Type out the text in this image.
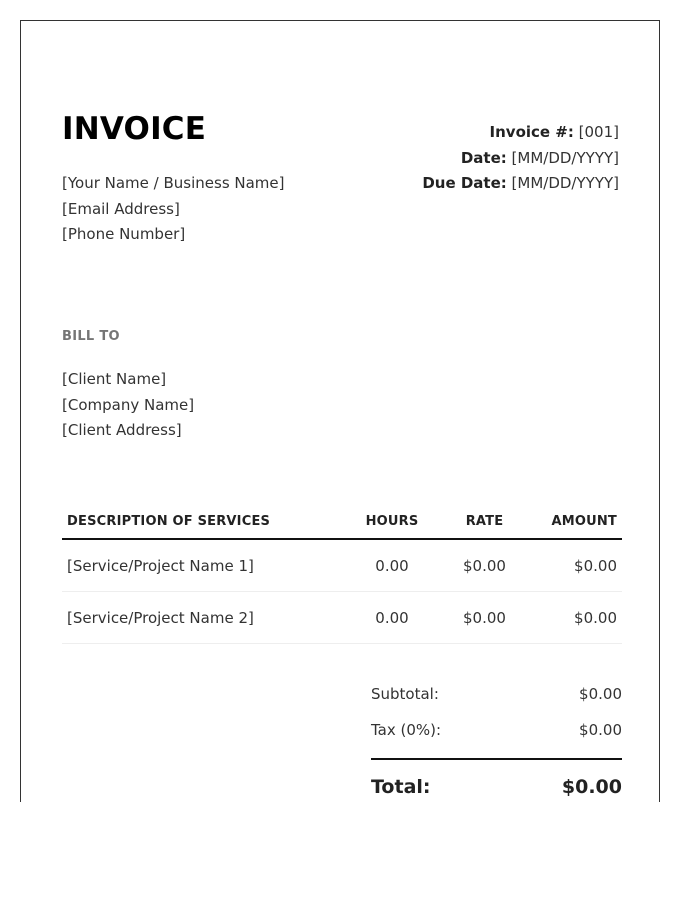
INVOICE
[Your Name / Business Name]
[Email Address]
[Phone Number]
Invoice #: [001]
Date: [MM/DD/YYYY]
Due Date: [MM/DD/YYYY]
BILL TO
[Client Name]
[Company Name]
[Client Address]
DESCRIPTION OF SERVICES	HOURS	RATE	AMOUNT
[Service/Project Name 1]	0.00	$0.00	$0.00
[Service/Project Name 2]	0.00	$0.00	$0.00
Subtotal:	$0.00
Tax (0%):	$0.00
Total:	$0.00
